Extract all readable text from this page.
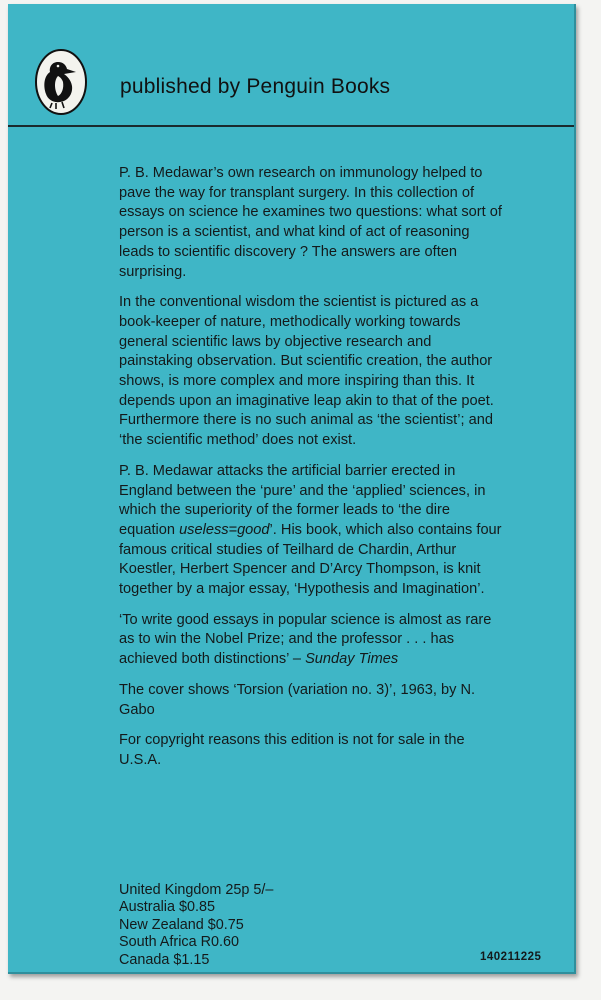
published by Penguin Books

P. B. Medawar’s own research on immunology helped to pave the way for transplant surgery. In this collection of essays on science he examines two questions: what sort of person is a scientist, and what kind of act of reasoning leads to scientific discovery ? The answers are often surprising.

In the conventional wisdom the scientist is pictured as a book-keeper of nature, methodically working towards general scientific laws by objective research and painstaking observation. But scientific creation, the author shows, is more complex and more inspiring than this. It depends upon an imaginative leap akin to that of the poet. Furthermore there is no such animal as ‘the scientist’; and ‘the scientific method’ does not exist.

P. B. Medawar attacks the artificial barrier erected in England between the ‘pure’ and the ‘applied’ sciences, in which the superiority of the former leads to ‘the dire equation useless=good’. His book, which also contains four famous critical studies of Teilhard de Chardin, Arthur Koestler, Herbert Spencer and D’Arcy Thompson, is knit together by a major essay, ‘Hypothesis and Imagination’.

‘To write good essays in popular science is almost as rare as to win the Nobel Prize; and the professor . . . has achieved both distinctions’ – Sunday Times

The cover shows ‘Torsion (variation no. 3)’, 1963, by N. Gabo

For copyright reasons this edition is not for sale in the U.S.A.

United Kingdom 25p 5/–
Australia $0.85
New Zealand $0.75
South Africa R0.60
Canada $1.15	140211225
